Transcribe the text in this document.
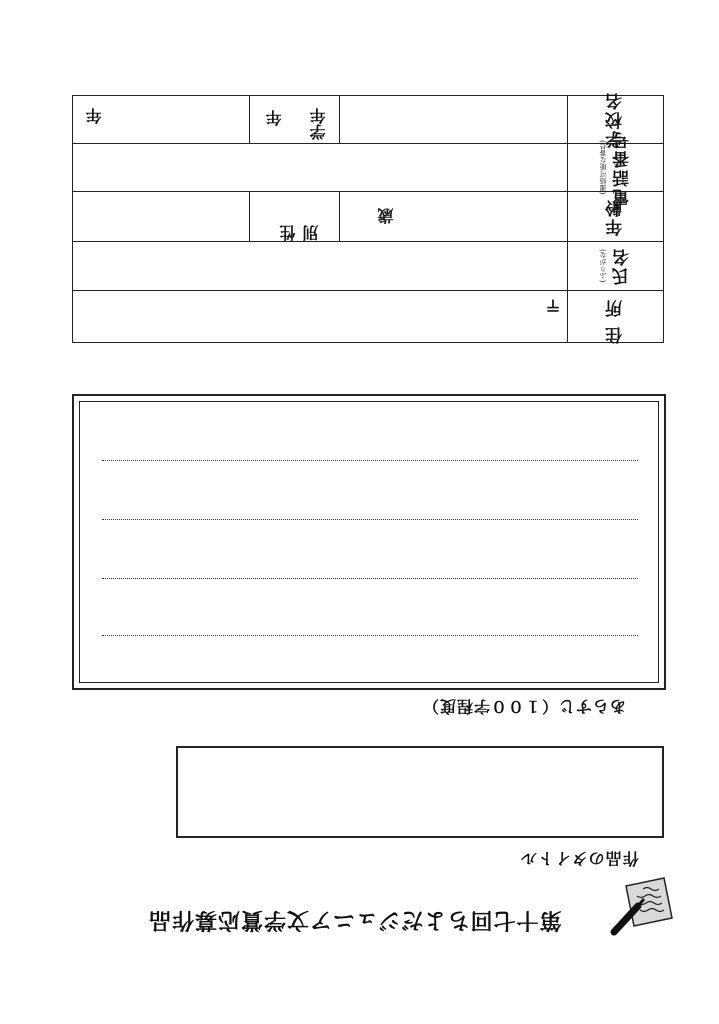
学校名
学年
年
年
電話番号
(連絡可能な番号)
年齢
歳
性別
氏名
(ふりがな)
住所
〒
あらすじ（１００字程度）
作品のタイトル
第十七回ちよだジュニア文学賞応募作品
